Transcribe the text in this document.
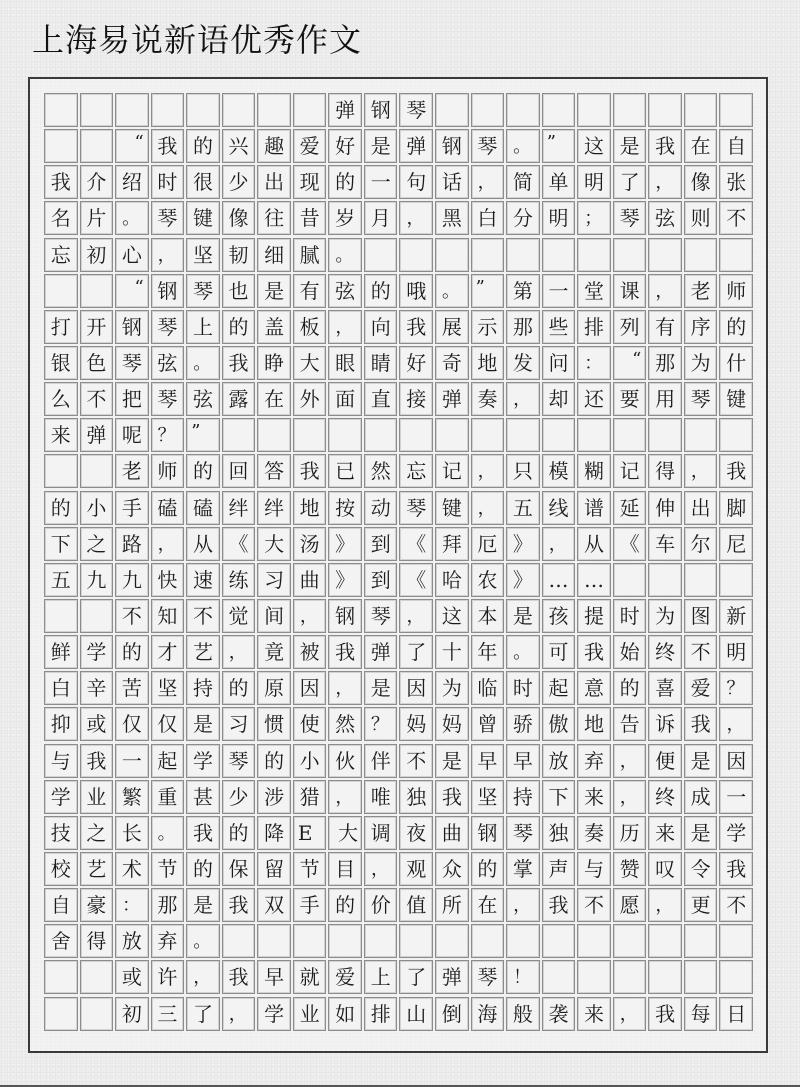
上海易说新语优秀作文
弹 钢 琴
“ 我 的 兴 趣 爱 好 是 弹 钢 琴 。 ”	这 是 我 在 自
我 介 绍 时 很 少 出 现 的 一 句 话 ， 简 单 明 了 ， 像 张
名 片 。 琴 键 像 往 昔 岁 月 ， 黑 白 分 明 ； 琴 弦 则 不
忘 初 心 ， 坚 韧 细 腻 。
“ 钢 琴 也 是 有 弦 的 哦 。 ”	第 一 堂 课 ， 老 师
打 开 钢 琴 上 的 盖 板 ， 向 我 展 示 那 些 排 列 有 序 的
银 色 琴 弦 。 我 睁 大 眼 睛 好 奇 地 发 问 ：	“ 那 为 什
么 不 把 琴 弦 露 在 外 面 直 接 弹 奏 ， 却 还 要 用 琴 键
来 弹 呢 ？ ”
老 师 的 回 答 我 已 然 忘 记 ， 只 模 糊 记 得 ， 我
的 小 手 磕 磕 绊 绊 地 按 动 琴 键 ， 五 线 谱 延 伸 出 脚
下 之 路 ， 从 《 大 汤 》 到 《 拜 厄 》 ， 从 《 车 尔 尼
五 九 九 快 速 练 习 曲 》 到 《 哈 农 》 … …
不 知 不 觉 间 ， 钢 琴 ， 这 本 是 孩 提 时 为 图 新
鲜 学 的 才 艺 ， 竟 被 我 弹 了 十 年 。 可 我 始 终 不 明
白 辛 苦 坚 持 的 原 因 ， 是 因 为 临 时 起 意 的 喜 爱 ？
抑 或 仅 仅 是 习 惯 使 然 ？ 妈 妈 曾 骄 傲 地 告 诉 我 ，
与 我 一 起 学 琴 的 小 伙 伴 不 是 早 早 放 弃 ， 便 是 因
学 业 繁 重 甚 少 涉 猎 ， 唯 独 我 坚 持 下 来 ， 终 成 一
技 之 长 。 我 的 降 E	大 调 夜 曲 钢 琴 独 奏 历 来 是 学
校 艺 术 节 的 保 留 节 目 ， 观 众 的 掌 声 与 赞 叹 令 我
自 豪 ： 那 是 我 双 手 的 价 值 所 在 ， 我 不 愿 ， 更 不
舍 得 放 弃 。
或 许 ， 我 早 就 爱 上 了 弹 琴 ！
初 三 了 ， 学 业 如 排 山 倒 海 般 袭 来 ， 我 每 日
